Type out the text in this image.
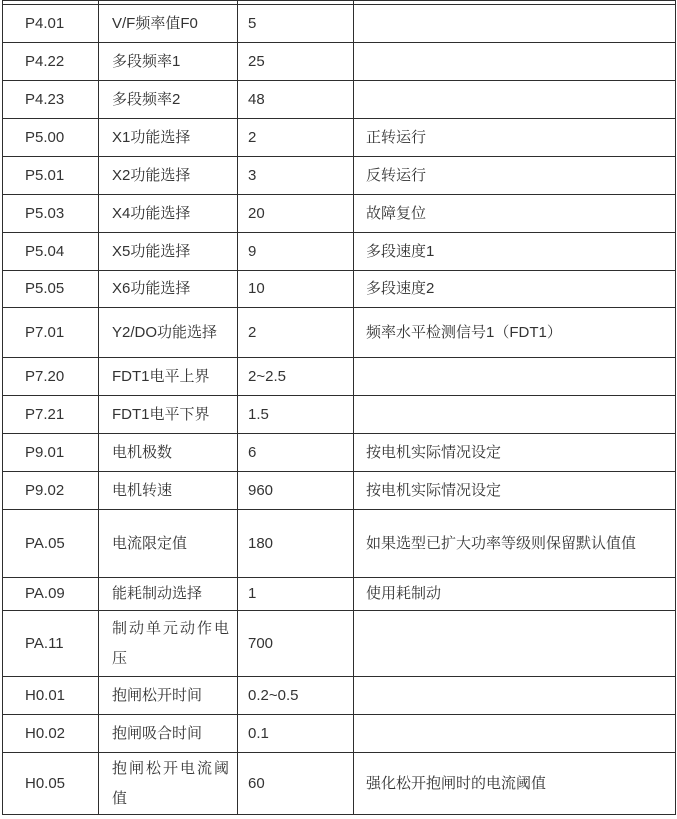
P4.01	V/F频率值F0	5	
P4.22	多段频率1	25	
P4.23	多段频率2	48	
P5.00	X1功能选择	2	正转运行
P5.01	X2功能选择	3	反转运行
P5.03	X4功能选择	20	故障复位
P5.04	X5功能选择	9	多段速度1
P5.05	X6功能选择	10	多段速度2
P7.01	Y2/DO功能选择	2	频率水平检测信号1（FDT1）
P7.20	FDT1电平上界	2~2.5	
P7.21	FDT1电平下界	1.5	
P9.01	电机极数	6	按电机实际情况设定
P9.02	电机转速	960	按电机实际情况设定
PA.05	电流限定值	180	如果选型已扩大功率等级则保留默认值值
PA.09	能耗制动选择	1	使用耗制动
PA.11	制动单元动作电压	700	
H0.01	抱闸松开时间	0.2~0.5	
H0.02	抱闸吸合时间	0.1	
H0.05	抱闸松开电流阈值	60	强化松开抱闸时的电流阈值
